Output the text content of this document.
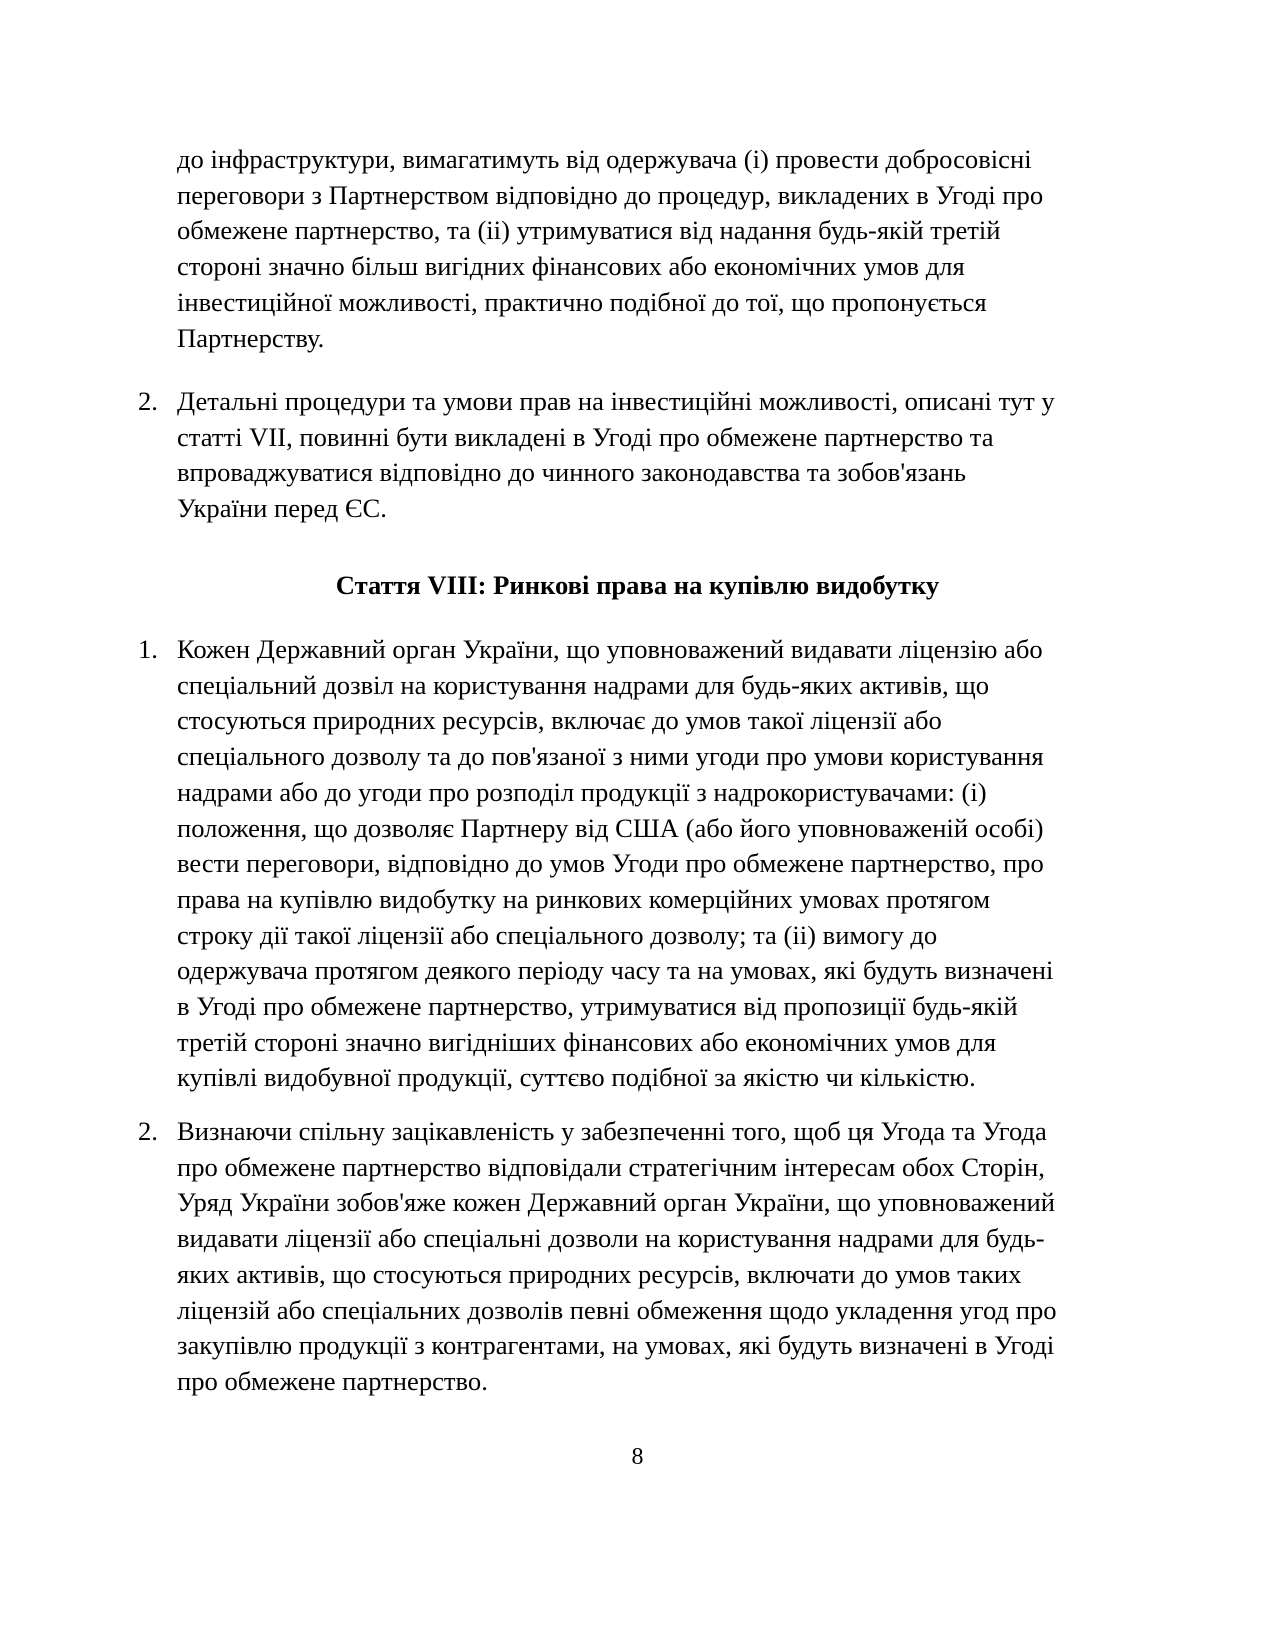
до інфраструктури, вимагатимуть від одержувача (і) провести добросовісні
переговори з Партнерством відповідно до процедур, викладених в Угоді про
обмежене партнерство, та (іі) утримуватися від надання будь-якій третій
стороні значно більш вигідних фінансових або економічних умов для
інвестиційної можливості, практично подібної до тої, що пропонується
Партнерству.
2. Детальні процедури та умови прав на інвестиційні можливості, описані тут у
статті VII, повинні бути викладені в Угоді про обмежене партнерство та
впроваджуватися відповідно до чинного законодавства та зобов'язань
України перед ЄС.
Стаття VIII: Ринкові права на купівлю видобутку
1. Кожен Державний орган України, що уповноважений видавати ліцензію або
спеціальний дозвіл на користування надрами для будь-яких активів, що
стосуються природних ресурсів, включає до умов такої ліцензії або
спеціального дозволу та до пов'язаної з ними угоди про умови користування
надрами або до угоди про розподіл продукції з надрокористувачами: (і)
положення, що дозволяє Партнеру від США (або його уповноваженій особі)
вести переговори, відповідно до умов Угоди про обмежене партнерство, про
права на купівлю видобутку на ринкових комерційних умовах протягом
строку дії такої ліцензії або спеціального дозволу; та (іі) вимогу до
одержувача протягом деякого періоду часу та на умовах, які будуть визначені
в Угоді про обмежене партнерство, утримуватися від пропозиції будь-якій
третій стороні значно вигідніших фінансових або економічних умов для
купівлі видобувної продукції, суттєво подібної за якістю чи кількістю.
2. Визнаючи спільну зацікавленість у забезпеченні того, щоб ця Угода та Угода
про обмежене партнерство відповідали стратегічним інтересам обох Сторін,
Уряд України зобов'яже кожен Державний орган України, що уповноважений
видавати ліцензії або спеціальні дозволи на користування надрами для будь-
яких активів, що стосуються природних ресурсів, включати до умов таких
ліцензій або спеціальних дозволів певні обмеження щодо укладення угод про
закупівлю продукції з контрагентами, на умовах, які будуть визначені в Угоді
про обмежене партнерство.
8
